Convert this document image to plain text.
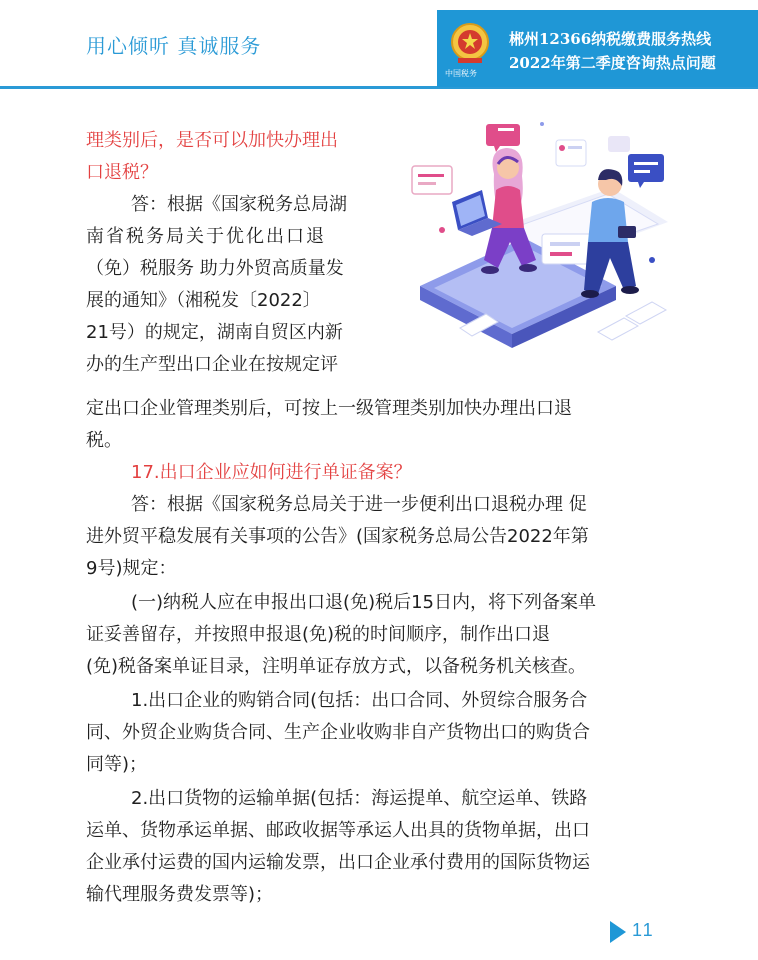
用心倾听 真诚服务
中国税务
郴州12366纳税缴费服务热线
2022年第二季度咨询热点问题
理类别后，是否可以加快办理出
口退税？
答：根据《国家税务总局湖
南省税务局关于优化出口退
（免）税服务 助力外贸高质量发
展的通知》（湘税发〔2022〕
21号）的规定，湖南自贸区内新
办的生产型出口企业在按规定评
定出口企业管理类别后，可按上一级管理类别加快办理出口退
税。
17.出口企业应如何进行单证备案？
答：根据《国家税务总局关于进一步便利出口退税办理 促
进外贸平稳发展有关事项的公告》(国家税务总局公告2022年第
9号)规定：
(一)纳税人应在申报出口退(免)税后15日内，将下列备案单
证妥善留存，并按照申报退(免)税的时间顺序，制作出口退
(免)税备案单证目录，注明单证存放方式，以备税务机关核查。
1.出口企业的购销合同(包括：出口合同、外贸综合服务合
同、外贸企业购货合同、生产企业收购非自产货物出口的购货合
同等)；
2.出口货物的运输单据(包括：海运提单、航空运单、铁路
运单、货物承运单据、邮政收据等承运人出具的货物单据，出口
企业承付运费的国内运输发票，出口企业承付费用的国际货物运
输代理服务费发票等)；
11
